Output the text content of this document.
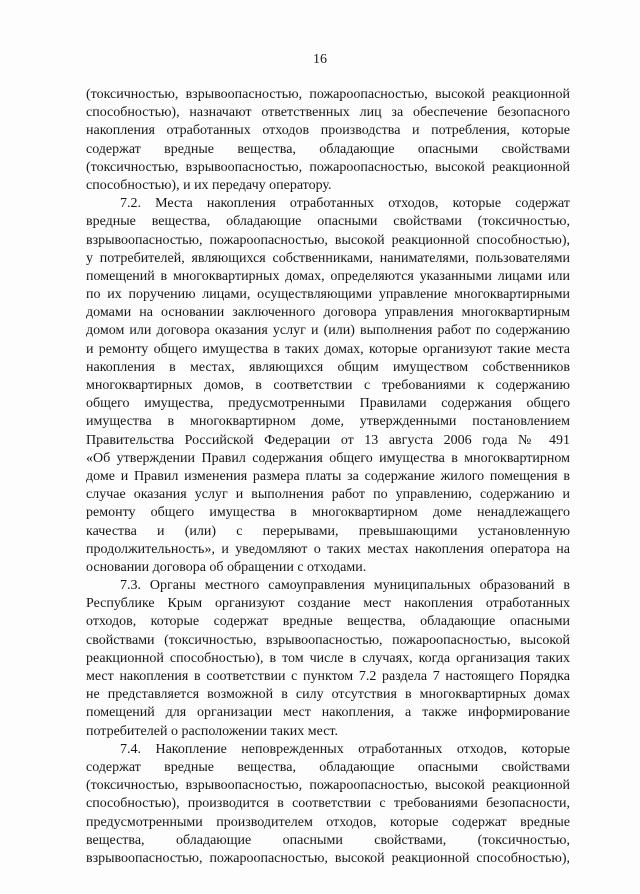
16
(токсичностью, взрывоопасностью, пожароопасностью, высокой реакционной
способностью), назначают ответственных лиц за обеспечение безопасного
накопления отработанных отходов производства и потребления, которые
содержат вредные вещества, обладающие опасными свойствами
(токсичностью, взрывоопасностью, пожароопасностью, высокой реакционной
способностью), и их передачу оператору.
7.2. Места накопления отработанных отходов, которые содержат
вредные вещества, обладающие опасными свойствами (токсичностью,
взрывоопасностью, пожароопасностью, высокой реакционной способностью),
у потребителей, являющихся собственниками, нанимателями, пользователями
помещений в многоквартирных домах, определяются указанными лицами или
по их поручению лицами, осуществляющими управление многоквартирными
домами на основании заключенного договора управления многоквартирным
домом или договора оказания услуг и (или) выполнения работ по содержанию
и ремонту общего имущества в таких домах, которые организуют такие места
накопления в местах, являющихся общим имуществом собственников
многоквартирных домов, в соответствии с требованиями к содержанию
общего имущества, предусмотренными Правилами содержания общего
имущества в многоквартирном доме, утвержденными постановлением
Правительства Российской Федерации от 13 августа 2006 года № 491
«Об утверждении Правил содержания общего имущества в многоквартирном
доме и Правил изменения размера платы за содержание жилого помещения в
случае оказания услуг и выполнения работ по управлению, содержанию и
ремонту общего имущества в многоквартирном доме ненадлежащего
качества и (или) с перерывами, превышающими установленную
продолжительность», и уведомляют о таких местах накопления оператора на
основании договора об обращении с отходами.
7.3. Органы местного самоуправления муниципальных образований в
Республике Крым организуют создание мест накопления отработанных
отходов, которые содержат вредные вещества, обладающие опасными
свойствами (токсичностью, взрывоопасностью, пожароопасностью, высокой
реакционной способностью), в том числе в случаях, когда организация таких
мест накопления в соответствии с пунктом 7.2 раздела 7 настоящего Порядка
не представляется возможной в силу отсутствия в многоквартирных домах
помещений для организации мест накопления, а также информирование
потребителей о расположении таких мест.
7.4. Накопление неповрежденных отработанных отходов, которые
содержат вредные вещества, обладающие опасными свойствами
(токсичностью, взрывоопасностью, пожароопасностью, высокой реакционной
способностью), производится в соответствии с требованиями безопасности,
предусмотренными производителем отходов, которые содержат вредные
вещества, обладающие опасными свойствами, (токсичностью,
взрывоопасностью, пожароопасностью, высокой реакционной способностью),
